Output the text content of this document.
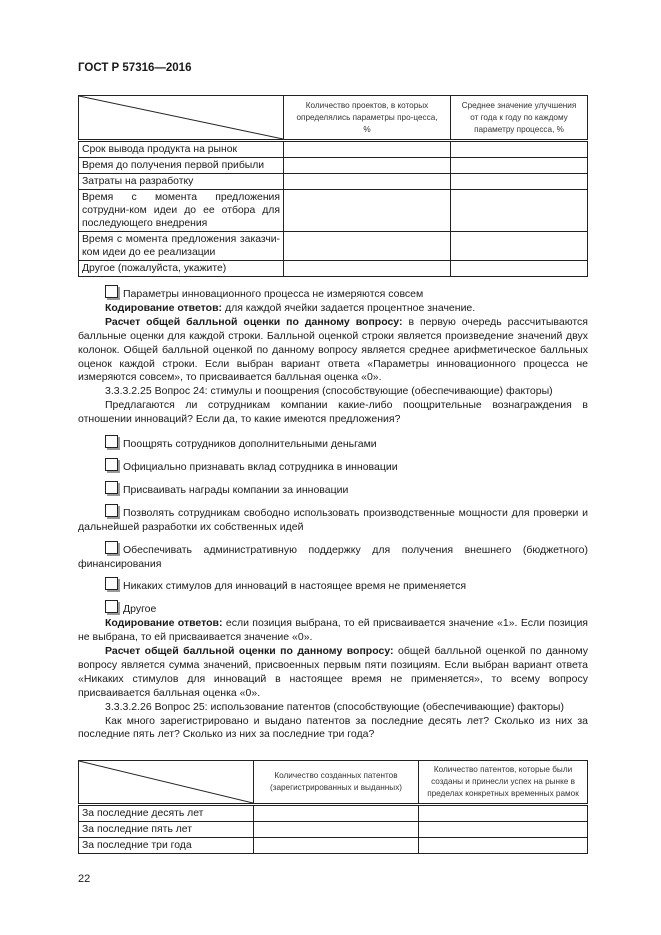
ГОСТ Р 57316—2016
	Количество проектов, в которых определялись параметры про-цесса, %	Среднее значение улучшения от года к году по каждому параметру процесса, %
Срок вывода продукта на рынок		
Время до получения первой прибыли		
Затраты на разработку		
Время с момента предложения сотрудни-ком идеи до ее отбора для последующего внедрения		
Время с момента предложения заказчи-ком идеи до ее реализации		
Другое (пожалуйста, укажите)		

Параметры инновационного процесса не измеряются совсем

Кодирование ответов: для каждой ячейки задается процентное значение.

Расчет общей балльной оценки по данному вопросу: в первую очередь рассчитываются балльные оценки для каждой строки. Балльной оценкой строки является произведение значений двух колонок. Общей балльной оценкой по данному вопросу является среднее арифметическое балльных оценок каждой строки. Если выбран вариант ответа «Параметры инновационного процесса не измеряются совсем», то присваивается балльная оценка «0».

3.3.3.2.25 Вопрос 24: стимулы и поощрения (способствующие (обеспечивающие) факторы)

Предлагаются ли сотрудникам компании какие-либо поощрительные вознаграждения в отношении инноваций? Если да, то какие имеются предложения?

Поощрять сотрудников дополнительными деньгами

Официально признавать вклад сотрудника в инновации

Присваивать награды компании за инновации

Позволять сотрудникам свободно использовать производственные мощности для проверки и дальнейшей разработки их собственных идей

Обеспечивать административную поддержку для получения внешнего (бюджетного) финансирования

Никаких стимулов для инноваций в настоящее время не применяется

Другое

Кодирование ответов: если позиция выбрана, то ей присваивается значение «1». Если позиция не выбрана, то ей присваивается значение «0».

Расчет общей балльной оценки по данному вопросу: общей балльной оценкой по данному вопросу является сумма значений, присвоенных первым пяти позициям. Если выбран вариант ответа «Никаких стимулов для инноваций в настоящее время не применяется», то всему вопросу присваивается балльная оценка «0».

3.3.3.2.26 Вопрос 25: использование патентов (способствующие (обеспечивающие) факторы)

Как много зарегистрировано и выдано патентов за последние десять лет? Сколько из них за последние пять лет? Сколько из них за последние три года?

	Количество созданных патентов (зарегистрированных и выданных)	Количество патентов, которые были созданы и принесли успех на рынке в пределах конкретных временных рамок
За последние десять лет		
За последние пять лет		
За последние три года		
22
